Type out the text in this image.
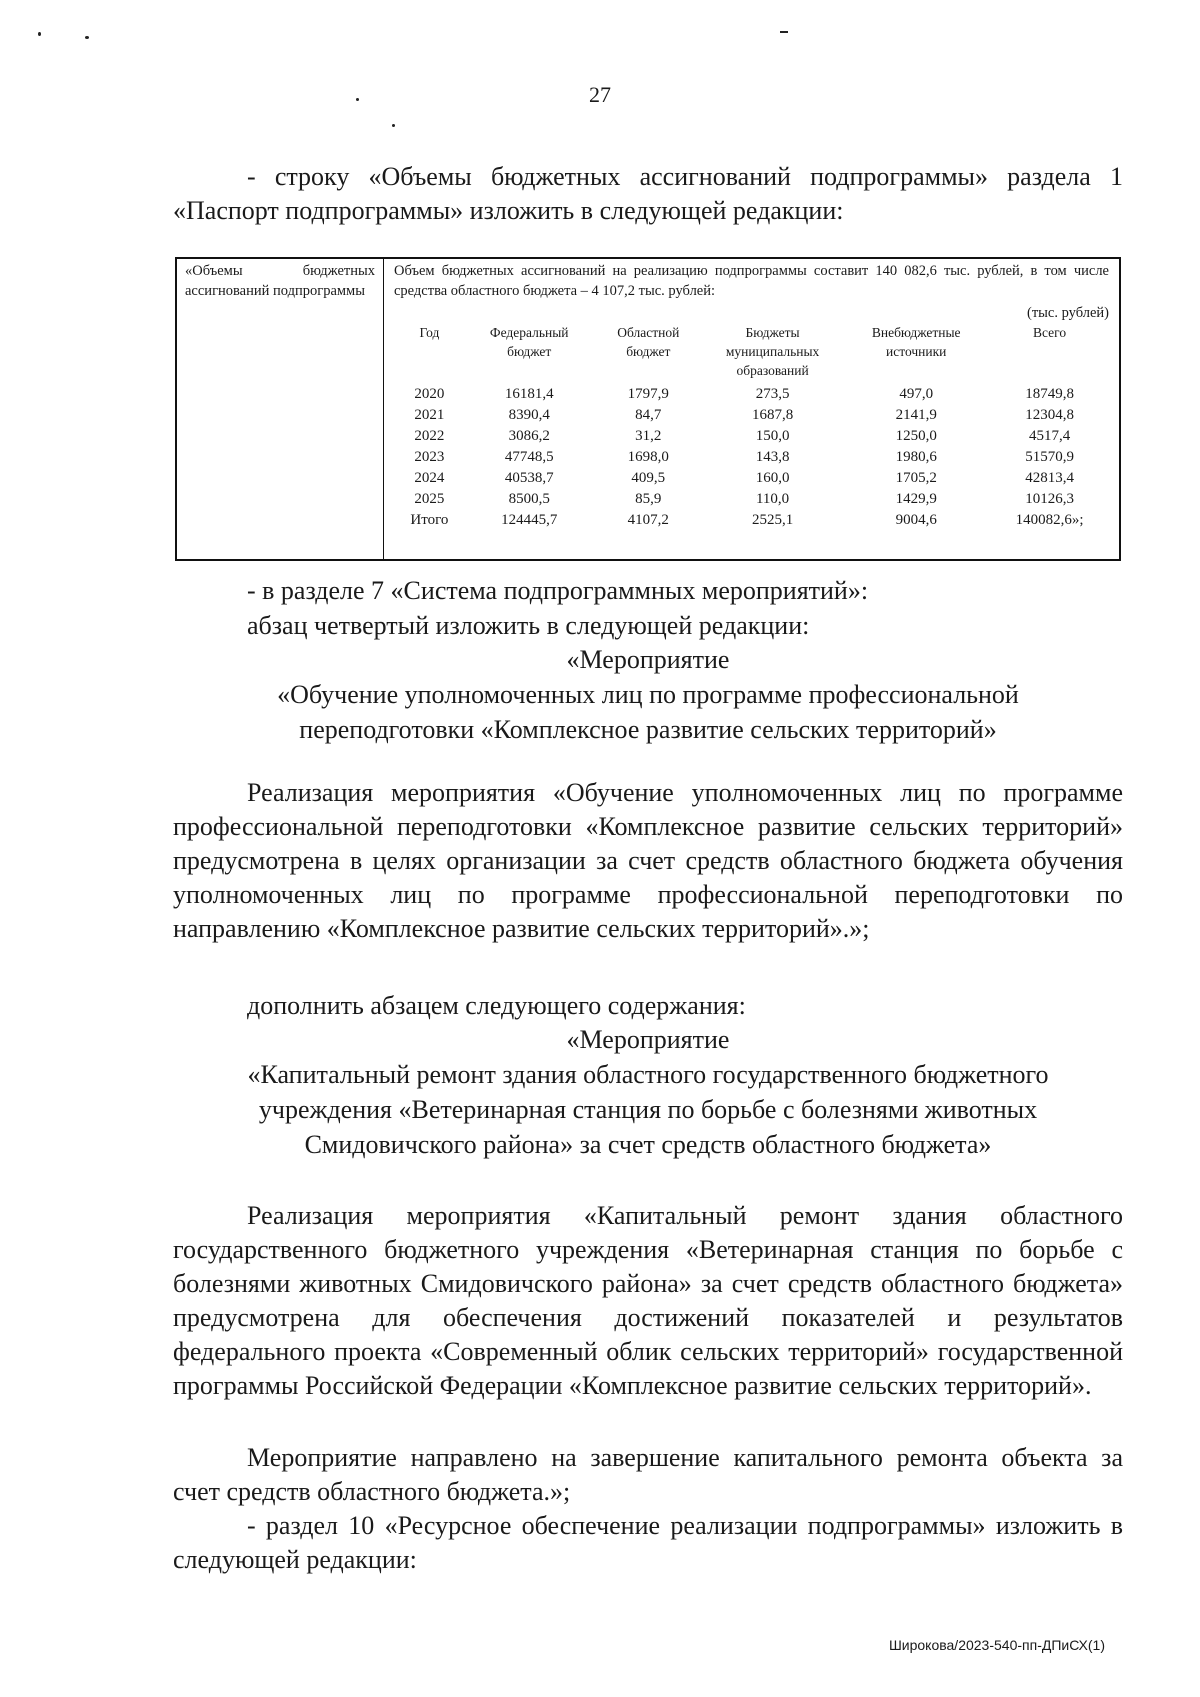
27

- строку «Объемы бюджетных ассигнований подпрограммы» раздела 1 «Паспорт подпрограммы» изложить в следующей редакции:

«Объемы бюджетных ассигнований подпрограммы

Объем бюджетных ассигнований на реализацию подпрограммы составит 140 082,6 тыс. рублей, в том числе средства областного бюджета – 4 107,2 тыс. рублей:

(тыс. рублей)

Год	Федеральный бюджет	Областной бюджет	Бюджеты муниципальных образований	Внебюджетные источники	Всего
2020	16181,4	1797,9	273,5	497,0	18749,8
2021	8390,4	84,7	1687,8	2141,9	12304,8
2022	3086,2	31,2	150,0	1250,0	4517,4
2023	47748,5	1698,0	143,8	1980,6	51570,9
2024	40538,7	409,5	160,0	1705,2	42813,4
2025	8500,5	85,9	110,0	1429,9	10126,3
Итого	124445,7	4107,2	2525,1	9004,6	140082,6»;

- в разделе 7 «Система подпрограммных мероприятий»:

абзац четвертый изложить в следующей редакции:

«Мероприятие

«Обучение уполномоченных лиц по программе профессиональной

переподготовки «Комплексное развитие сельских территорий»

Реализация мероприятия «Обучение уполномоченных лиц по программе профессиональной переподготовки «Комплексное развитие сельских территорий» предусмотрена в целях организации за счет средств областного бюджета обучения уполномоченных лиц по программе профессиональной переподготовки по направлению «Комплексное развитие сельских территорий».»;

дополнить абзацем следующего содержания:

«Мероприятие

«Капитальный ремонт здания областного государственного бюджетного

учреждения «Ветеринарная станция по борьбе с болезнями животных

Смидовичского района» за счет средств областного бюджета»

Реализация мероприятия «Капитальный ремонт здания областного государственного бюджетного учреждения «Ветеринарная станция по борьбе с болезнями животных Смидовичского района» за счет средств областного бюджета» предусмотрена для обеспечения достижений показателей и результатов федерального проекта «Современный облик сельских территорий» государственной программы Российской Федерации «Комплексное развитие сельских территорий».

Мероприятие направлено на завершение капитального ремонта объекта за счет средств областного бюджета.»;

- раздел 10 «Ресурсное обеспечение реализации подпрограммы» изложить в следующей редакции:

Широкова/2023-540-пп-ДПиСХ(1)
